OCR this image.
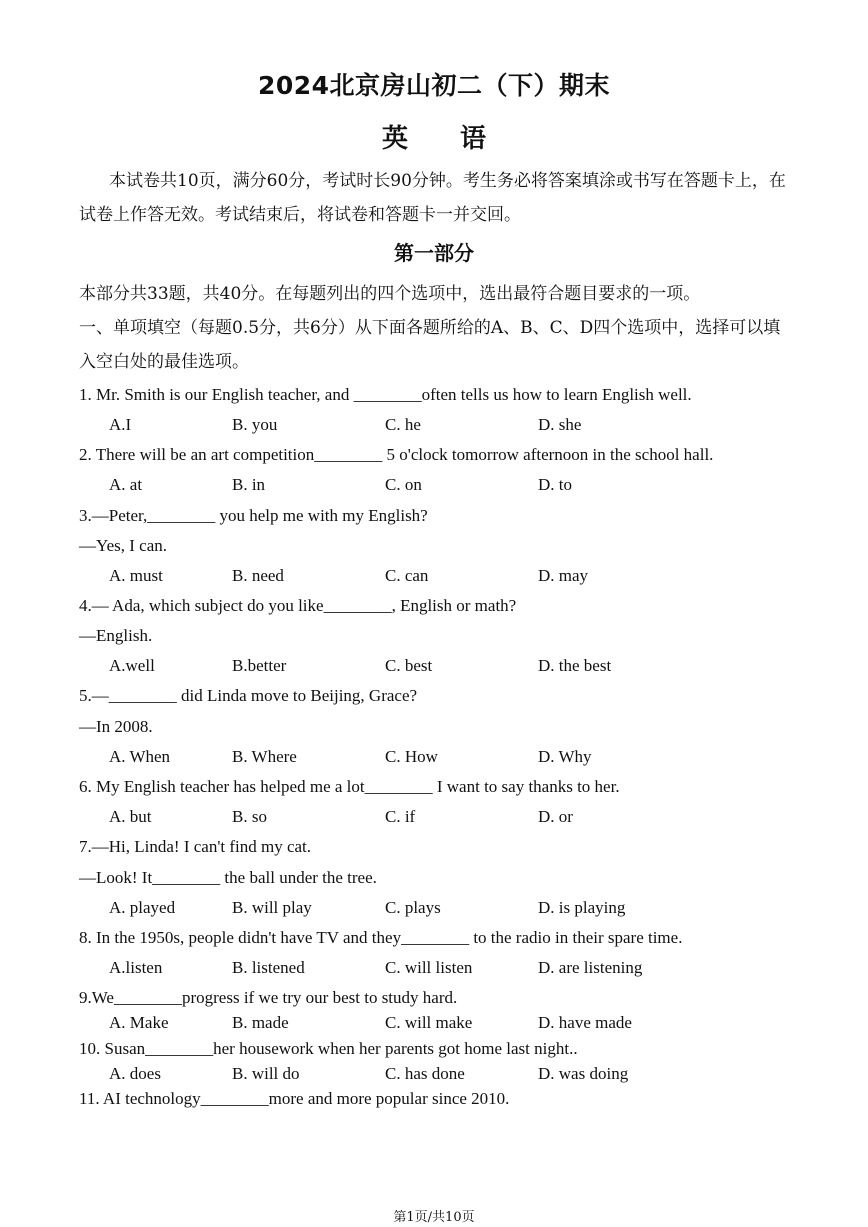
2024北京房山初二（下）期末
英 语
本试卷共10页，满分60分，考试时长90分钟。考生务必将答案填涂或书写在答题卡上，在试卷上作答无效。考试结束后，将试卷和答题卡一并交回。
第一部分
本部分共33题，共40分。在每题列出的四个选项中，选出最符合题目要求的一项。
一、单项填空（每题0.5分，共6分）从下面各题所给的A、B、C、D四个选项中，选择可以填入空白处的最佳选项。
1. Mr. Smith is our English teacher, and ________often tells us how to learn English well.
A.I	B. you	C. he	D. she
2. There will be an art competition________ 5 o'clock tomorrow afternoon in the school hall.
A. at	B. in	C. on	D. to
3.—Peter,________ you help me with my English?
—Yes, I can.
A. must	B. need	C. can	D. may
4.— Ada, which subject do you like________, English or math?
—English.
A.well	B.better	C. best	D. the best
5.—________ did Linda move to Beijing, Grace?
—In 2008.
A. When	B. Where	C. How	D. Why
6. My English teacher has helped me a lot________ I want to say thanks to her.
A. but	B. so	C. if	D. or
7.—Hi, Linda! I can't find my cat.
—Look! It________ the ball under the tree.
A. played	B. will play	C. plays	D. is playing
8. In the 1950s, people didn't have TV and they________ to the radio in their spare time.
A.listen	B. listened	C. will listen	D. are listening
9.We________progress if we try our best to study hard.
A. Make	B. made	C. will make	D. have made
10. Susan________her housework when her parents got home last night..
A. does	B. will do	C. has done	D. was doing
11. AI technology________more and more popular since 2010.
第1页/共10页
